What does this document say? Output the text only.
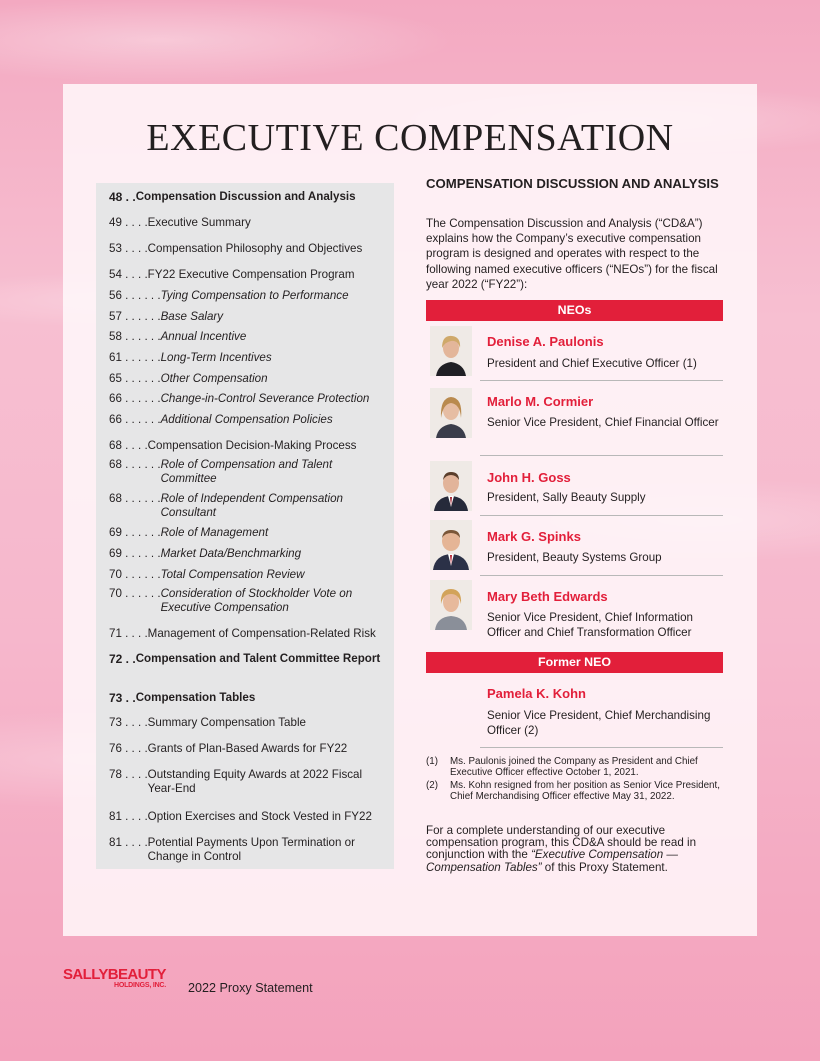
EXECUTIVE COMPENSATION
48 . . Compensation Discussion and Analysis
49 . . . . Executive Summary
53 . . . . Compensation Philosophy and Objectives
54 . . . . FY22 Executive Compensation Program
56 . . . . . . Tying Compensation to Performance
57 . . . . . . Base Salary
58 . . . . . . Annual Incentive
61 . . . . . . Long-Term Incentives
65 . . . . . . Other Compensation
66 . . . . . . Change-in-Control Severance Protection
66 . . . . . . Additional Compensation Policies
68 . . . . Compensation Decision-Making Process
68 . . . . . . Role of Compensation and Talent Committee
68 . . . . . . Role of Independent Compensation Consultant
69 . . . . . . Role of Management
69 . . . . . . Market Data/Benchmarking
70 . . . . . . Total Compensation Review
70 . . . . . . Consideration of Stockholder Vote on Executive Compensation
71 . . . . Management of Compensation-Related Risk
72 . . Compensation and Talent Committee Report
73 . . Compensation Tables
73 . . . . Summary Compensation Table
76 . . . . Grants of Plan-Based Awards for FY22
78 . . . . Outstanding Equity Awards at 2022 Fiscal Year-End
81 . . . . Option Exercises and Stock Vested in FY22
81 . . . . Potential Payments Upon Termination or Change in Control
COMPENSATION DISCUSSION AND ANALYSIS

The Compensation Discussion and Analysis (“CD&A”) explains how the Company’s executive compensation program is designed and operates with respect to the following named executive officers (“NEOs”) for the fiscal year 2022 (“FY22”):

NEOs
Denise A. Paulonis
President and Chief Executive Officer (1)
Marlo M. Cormier
Senior Vice President, Chief Financial Officer
John H. Goss
President, Sally Beauty Supply
Mark G. Spinks
President, Beauty Systems Group
Mary Beth Edwards
Senior Vice President, Chief Information Officer and Chief Transformation Officer
Former NEO
Pamela K. Kohn
Senior Vice President, Chief Merchandising Officer (2)
(1)	Ms. Paulonis joined the Company as President and Chief Executive Officer effective October 1, 2021.
(2)	Ms. Kohn resigned from her position as Senior Vice President, Chief Merchandising Officer effective May 31, 2022.

For a complete understanding of our executive compensation program, this CD&A should be read in conjunction with the “Executive Compensation — Compensation Tables” of this Proxy Statement.

SALLYBEAUTY
HOLDINGS, INC. 2022 Proxy Statement
